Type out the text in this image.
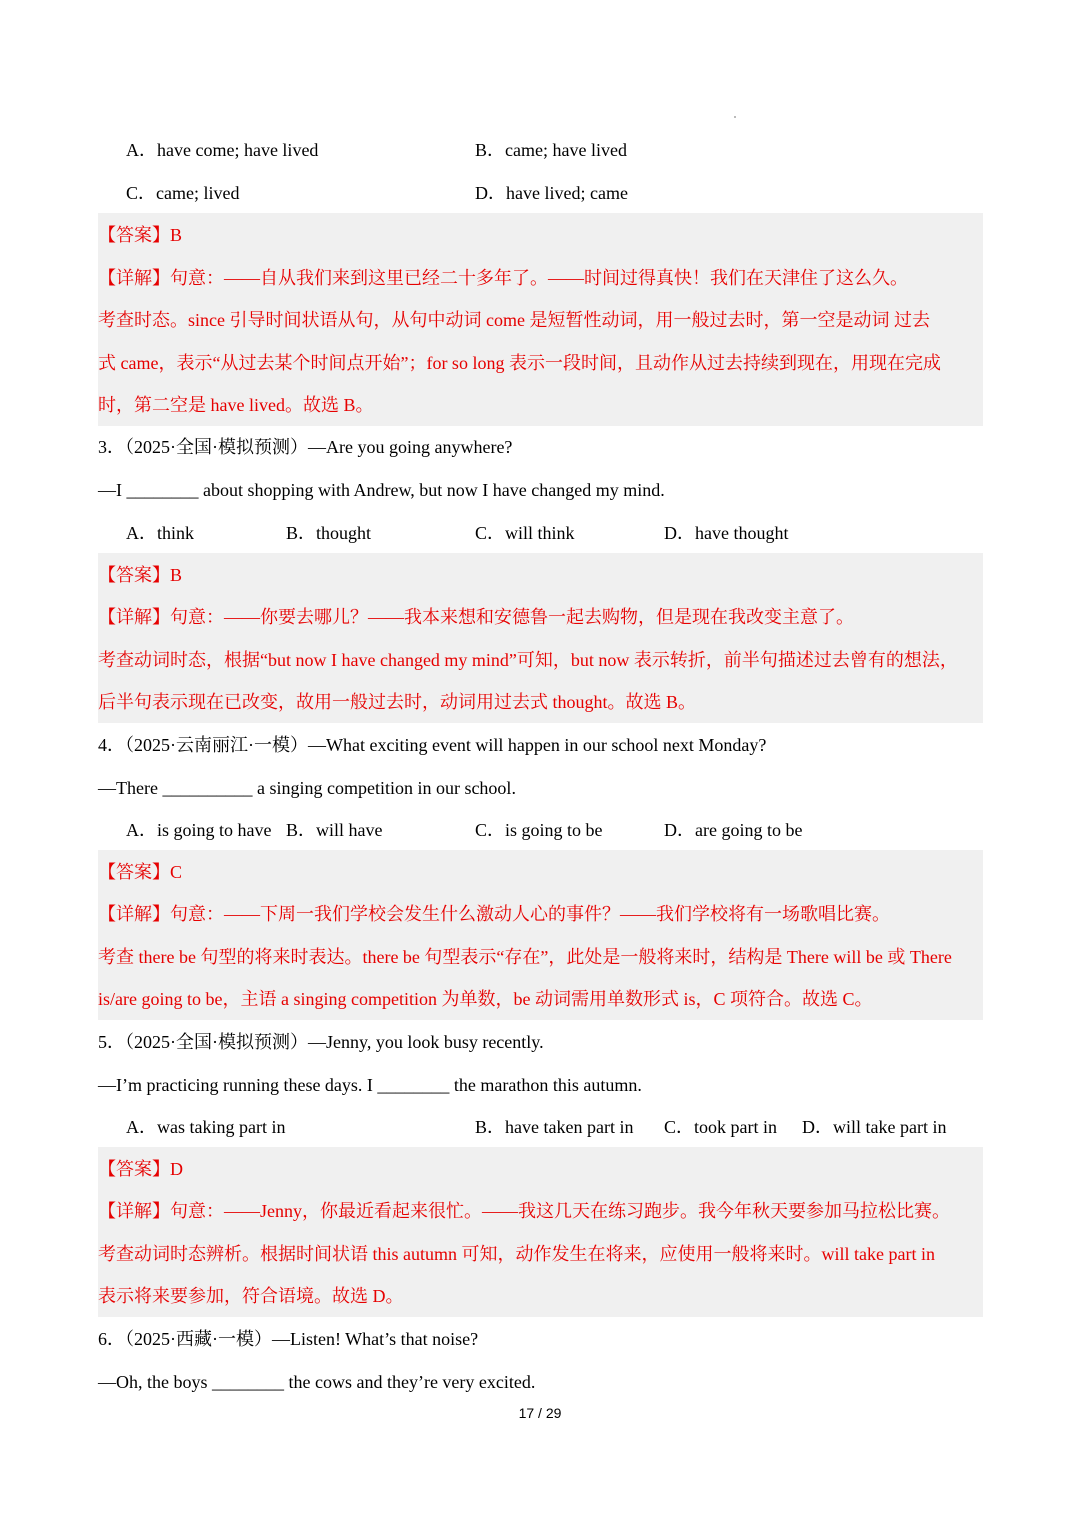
A．have come; have lived	B．came; have lived
C．came; lived	D．have lived; came
【答案】B
【详解】句意：——自从我们来到这里已经二十多年了。——时间过得真快！我们在天津住了这么久。
考查时态。since 引导时间状语从句，从句中动词 come 是短暂性动词，用一般过去时，第一空是动词 过去
式 came，表示“从过去某个时间点开始”；for so long 表示一段时间，且动作从过去持续到现在，用现在完成
时，第二空是 have lived。故选 B。
3．（2025·全国·模拟预测）—Are you going anywhere?
—I ________ about shopping with Andrew, but now I have changed my mind.
A．think	B．thought	C．will think	D．have thought
【答案】B
【详解】句意：——你要去哪儿？——我本来想和安德鲁一起去购物，但是现在我改变主意了。
考查动词时态，根据“but now I have changed my mind”可知，but now 表示转折，前半句描述过去曾有的想法，
后半句表示现在已改变，故用一般过去时，动词用过去式 thought。故选 B。
4．（2025·云南丽江·一模）—What exciting event will happen in our school next Monday?
—There __________ a singing competition in our school.
A．is going to have B．will have	C．is going to be	D．are going to be
【答案】C
【详解】句意：——下周一我们学校会发生什么激动人心的事件？——我们学校将有一场歌唱比赛。
考查 there be 句型的将来时表达。there be 句型表示“存在”，此处是一般将来时，结构是 There will be 或 There
is/are going to be，主语 a singing competition 为单数，be 动词需用单数形式 is，C 项符合。故选 C。
5．（2025·全国·模拟预测）—Jenny, you look busy recently.
—I’m practicing running these days. I ________ the marathon this autumn.
A．was taking part in	B．have taken part in C．took part in D．will take part in
【答案】D
【详解】句意：——Jenny，你最近看起来很忙。——我这几天在练习跑步。我今年秋天要参加马拉松比赛。
考查动词时态辨析。根据时间状语 this autumn 可知，动作发生在将来，应使用一般将来时。will take part in
表示将来要参加，符合语境。故选 D。
6．（2025·西藏·一模）—Listen! What’s that noise?
—Oh, the boys ________ the cows and they’re very excited.
17 / 29
